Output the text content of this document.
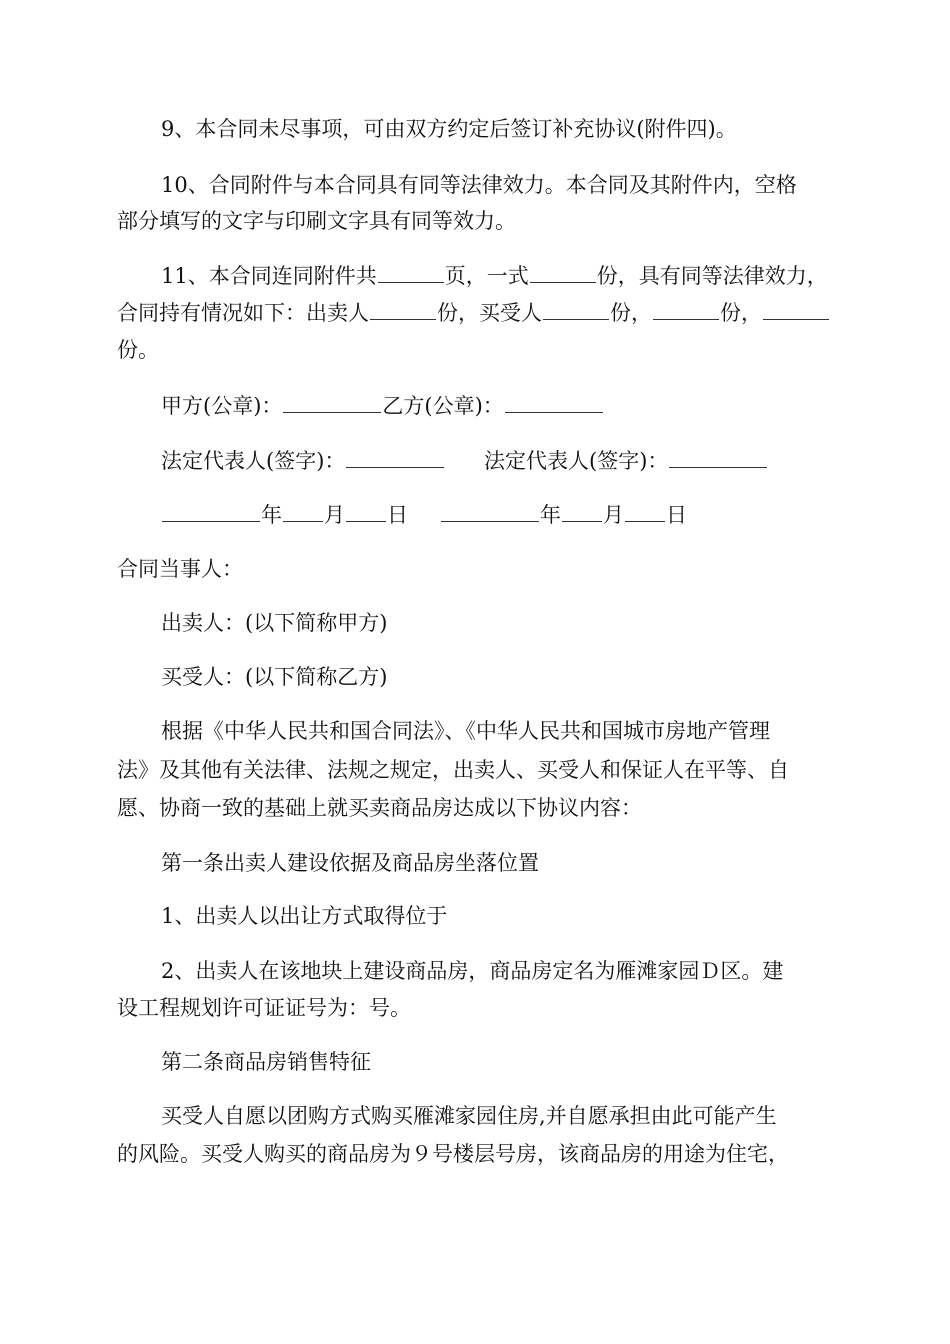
9、本合同未尽事项，可由双方约定后签订补充协议(附件四)。
10、合同附件与本合同具有同等法律效力。本合同及其附件内，空格
部分填写的文字与印刷文字具有同等效力。
11、本合同连同附件共	页，一式	份，具有同等法律效力，
合同持有情况如下：出卖人	份，买受人	份，	份，
份。
甲方(公章)：	乙方(公章)：
法定代表人(签字)：	法定代表人(签字)：
年 月 日	年 月 日
合同当事人：
出卖人：(以下简称甲方)
买受人：(以下简称乙方)
根据《中华人民共和国合同法》、《中华人民共和国城市房地产管理
法》及其他有关法律、法规之规定，出卖人、买受人和保证人在平等、自
愿、协商一致的基础上就买卖商品房达成以下协议内容：
第一条出卖人建设依据及商品房坐落位置
1、出卖人以出让方式取得位于
2、出卖人在该地块上建设商品房，商品房定名为雁滩家园Ｄ区。建
设工程规划许可证证号为：号。
第二条商品房销售特征
买受人自愿以团购方式购买雁滩家园住房,并自愿承担由此可能产生
的风险。买受人购买的商品房为９号楼层号房，该商品房的用途为住宅，
